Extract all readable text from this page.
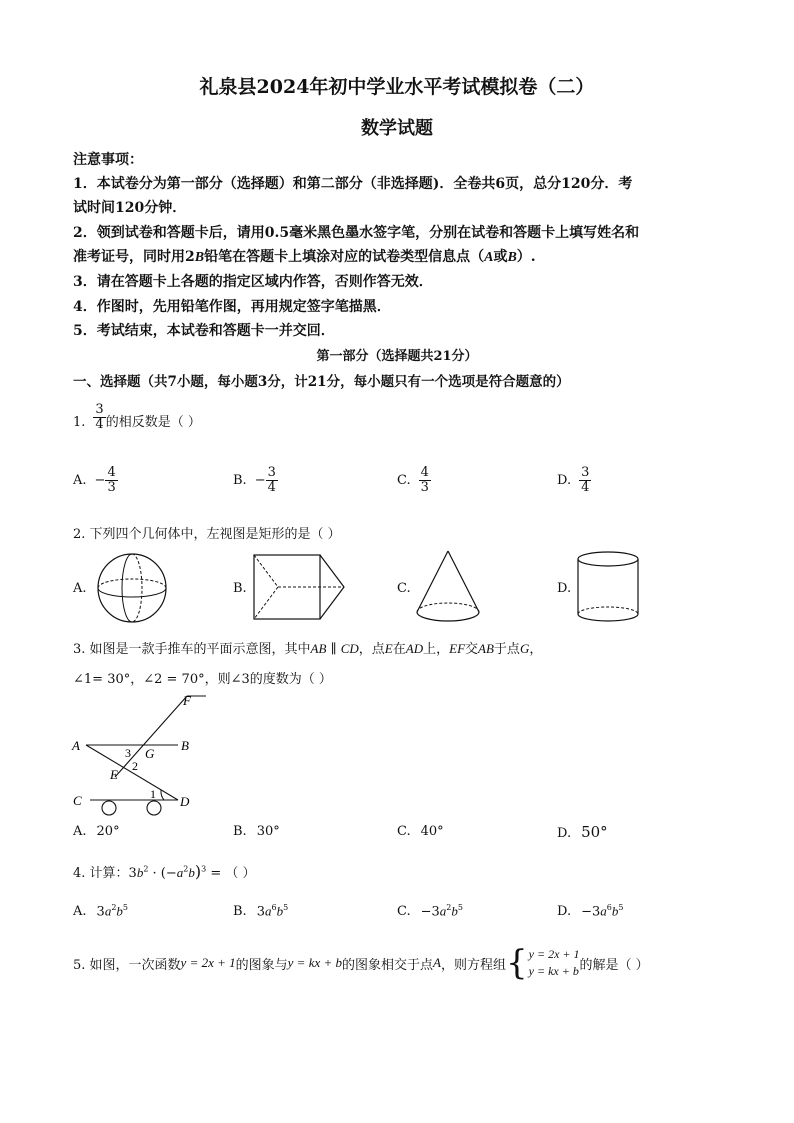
礼泉县2024年初中学业水平考试模拟卷（二）
数学试题
注意事项：
1．本试卷分为第一部分（选择题）和第二部分（非选择题)．全卷共6页，总分120分．考
试时间120分钟．
2．领到试卷和答题卡后，请用0.5毫米黑色墨水签字笔，分别在试卷和答题卡上填写姓名和
准考证号，同时用2B铅笔在答题卡上填涂对应的试卷类型信息点（A或B）.
3．请在答题卡上各题的指定区域内作答，否则作答无效．
4．作图时，先用铅笔作图，再用规定签字笔描黑．
5．考试结束，本试卷和答题卡一并交回．
第一部分（选择题共21分）
一、选择题（共7小题，每小题3分，计21分，每小题只有一个选项是符合题意的）
1. $\frac{3}{4}$ 的相反数是（ ）
A. − $\frac{4}{3}$	B. − $\frac{3}{4}$	C. $\frac{4}{3}$	D. $\frac{3}{4}$
2. 下列四个几何体中，左视图是矩形的是（ ）
A.	B.	C.	D.
3. 如图是一款手推车的平面示意图，其中AB ∥ CD，点E在AD上，EF交AB于点G，
∠1= 30°，∠2 = 70°，则∠3的度数为（ ）
F
A	B
G
3
2
E
C	D
1
A. 20°	B. 30°	C. 40°	D. 50°
4. 计算：$3b^2 \cdot (-a^2b)^3$ = （ ）
A. $3a^2b^5$	B. $3a^6b^5$	C. $-3a^2b^5$	D. $-3a^6b^5$
5. 如图，一次函数 y = 2x + 1 的图象与 y = kx + b 的图象相交于点 A ，则方程组 { y = 2x + 1
y = kx + b 的解是（ ）
